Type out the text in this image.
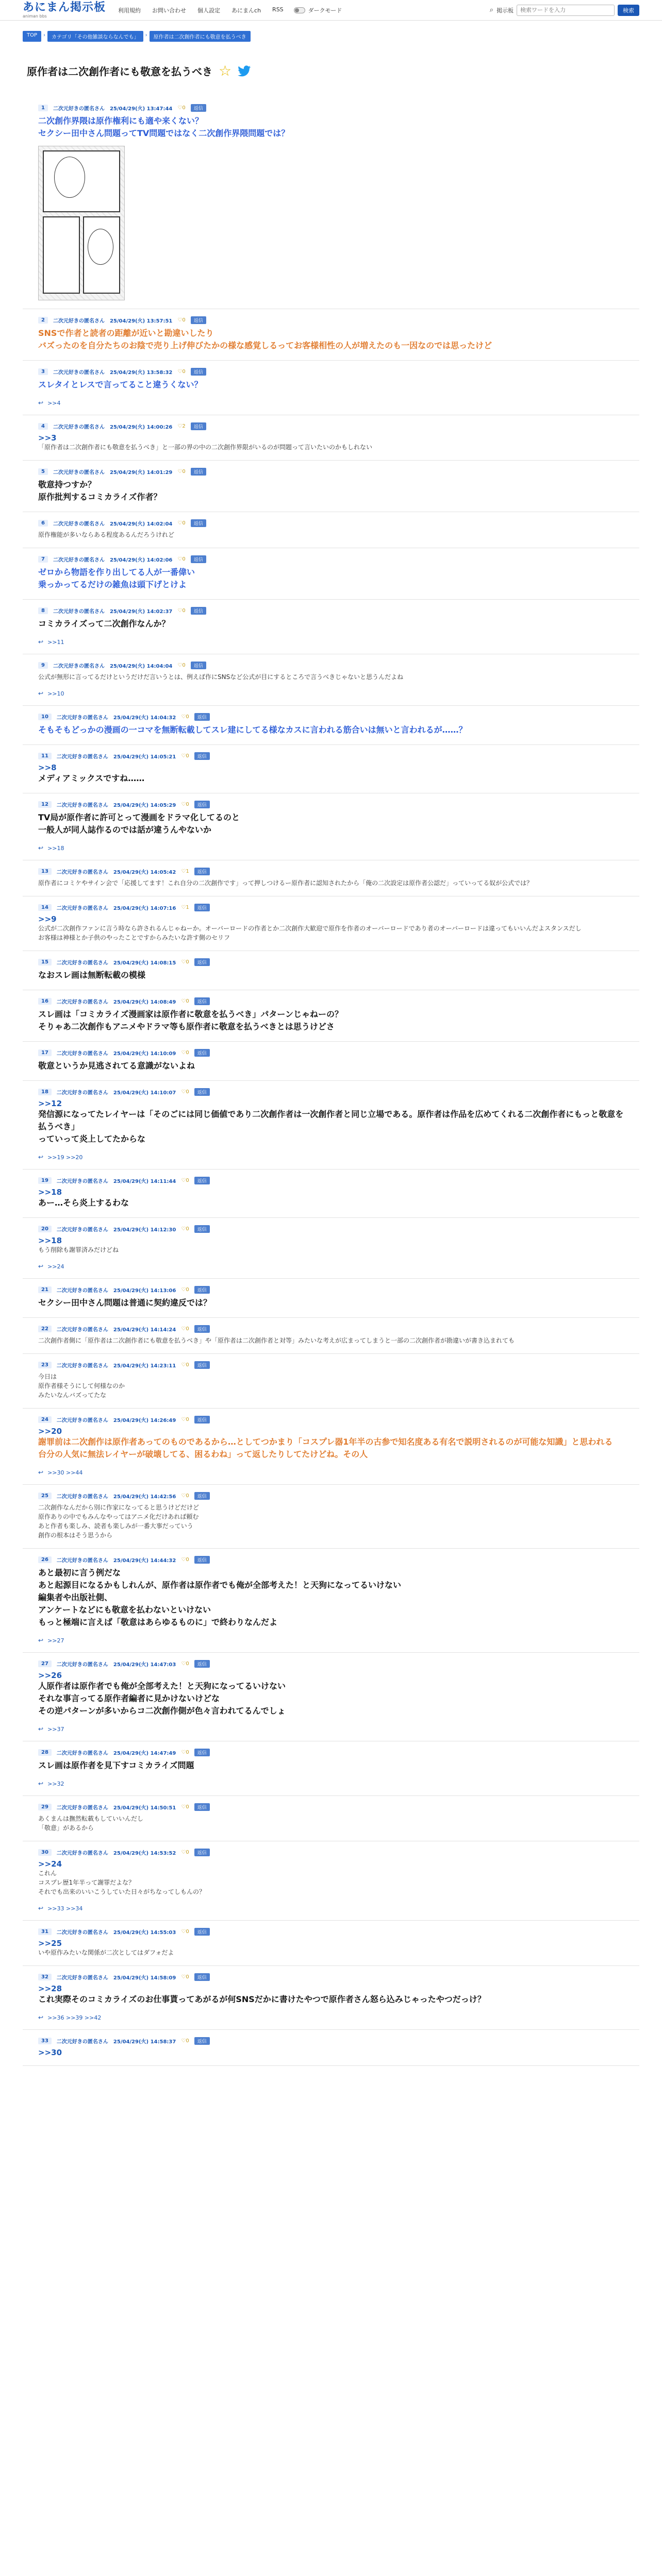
あにまん掲示板
animan bbs
利用規約 お問い合わせ 個人設定 あにまんch RSS	ダークモード	⌕ 掲示板
検索ワードを入力	検索
TOP	›	カテゴリ「その他雑談ならなんでも」	›	原作者は二次創作者にも敬意を払うべき
原作者は二次創作者にも敬意を払うべき ☆
1	二次元好きの匿名さん 25/04/29(火) 13:47:44 ♡0	返信
二次創作界隈は原作権利にも適や来くない？
セクシー田中さん問題ってTV問題ではなく二次創作界隈問題では？
2	二次元好きの匿名さん 25/04/29(火) 13:57:51 ♡0	返信
SNSで作者と読者の距離が近いと勘違いしたり
バズったのを自分たちのお陰で売り上げ伸びたかの様な感覚しるってお客様相性の人が増えたのも一因なのでは思ったけど
3	二次元好きの匿名さん 25/04/29(火) 13:58:32 ♡0	返信
スレタイとレスで言ってること違うくない？
↩ >>4
4	二次元好きの匿名さん 25/04/29(火) 14:00:26 ♡2	返信
>>3
「原作者は二次創作者にも敬意を払うべき」と一部の界の中の二次創作界限がいるのが問題って言いたいのかもしれない
5	二次元好きの匿名さん 25/04/29(火) 14:01:29 ♡0	返信
敬意持つすか？
原作批判するコミカライズ作者？
6	二次元好きの匿名さん 25/04/29(火) 14:02:04 ♡0	返信
原作権能が多いならある程度あるんだろうけれど
7	二次元好きの匿名さん 25/04/29(火) 14:02:06 ♡0	返信
ゼロから物語を作り出してる人が一番偉い
乗っかってるだけの雑魚は頭下げとけよ
8	二次元好きの匿名さん 25/04/29(火) 14:02:37 ♡0	返信
コミカライズって二次創作なんか？
↩ >>11
9	二次元好きの匿名さん 25/04/29(火) 14:04:04 ♡0	返信
公式が無形に言ってるだけというだけだ言いうとは、例えば作にSNSなど公式が目にするところで言うべきじゃないと思うんだよね
↩ >>10
10	二次元好きの匿名さん 25/04/29(火) 14:04:32 ♡0	返信
そもそもどっかの漫画の一コマを無断転載してスレ建にしてる様なカスに言われる筋合いは無いと言われるが……？
11	二次元好きの匿名さん 25/04/29(火) 14:05:21 ♡0	返信
>>8
メディアミックスですね……
12	二次元好きの匿名さん 25/04/29(火) 14:05:29 ♡0	返信
TV局が原作者に許可とって漫画をドラマ化してるのと
一般人が同人誌作るのでは話が違うんやないか
↩ >>18
13	二次元好きの匿名さん 25/04/29(火) 14:05:42 ♡1	返信
原作者にコミケやサイン会で「応援してます！これ自分の二次創作です」って押しつけるー原作者に認知されたから「俺の二次設定は原作者公認だ」っていってる奴が公式では？
14	二次元好きの匿名さん 25/04/29(火) 14:07:16 ♡1	返信
>>9
公式が二次創作ファンに言う時なら許されるんじゃねーか。オーバーロードの作者とか二次創作大歓迎で原作を作者のオーバーロードであり者のオーバーロードは違ってもいいんだよスタンスだし
お客様は神様とか子供のやったことですからみたいな許す側のセリフ
15	二次元好きの匿名さん 25/04/29(火) 14:08:15 ♡0	返信
なおスレ画は無断転載の模様
16	二次元好きの匿名さん 25/04/29(火) 14:08:49 ♡0	返信
スレ画は「コミカライズ漫画家は原作者に敬意を払うべき」パターンじゃねーの？
そりゃあ二次創作もアニメやドラマ等も原作者に敬意を払うべきとは思うけどさ
17	二次元好きの匿名さん 25/04/29(火) 14:10:09 ♡0	返信
敬意というか見逃されてる意識がないよね
18	二次元好きの匿名さん 25/04/29(火) 14:10:07 ♡0	返信
>>12
発信源になってたレイヤーは「そのごには同じ価値であり二次創作者は一次創作者と同じ立場である。原作者は作品を広めてくれる二次創作者にもっと敬意を払うべき」
っていって炎上してたからな
↩ >>19 >>20
19	二次元好きの匿名さん 25/04/29(火) 14:11:44 ♡0	返信
>>18
あー…そら炎上するわな
20	二次元好きの匿名さん 25/04/29(火) 14:12:30 ♡0	返信
>>18
もう削除も謝罪済みだけどね
↩ >>24
21	二次元好きの匿名さん 25/04/29(火) 14:13:06 ♡0	返信
セクシー田中さん問題は普通に契約違反では？
22	二次元好きの匿名さん 25/04/29(火) 14:14:24 ♡0	返信
二次創作者側に「原作者は二次創作者にも敬意を払うべき」や「原作者は二次創作者と対等」みたいな考えが広まってしまうと一部の二次創作者が勘違いが書き込まれても
23	二次元好きの匿名さん 25/04/29(火) 14:23:11 ♡0	返信
今日は
原作者様そうにして何様なのか
みたいなんバズってたな
24	二次元好きの匿名さん 25/04/29(火) 14:26:49 ♡0	返信
>>20
謝罪前は二次創作は原作者あってのものであるから…としてつかまり「コスプレ器1年半の古参で知名度ある有名で説明されるのが可能な知識」と思われる
台分の人気に無法レイヤーが破壊してる、困るわね」って返したりしてたけどね。その人
↩ >>30 >>44
25	二次元好きの匿名さん 25/04/29(火) 14:42:56 ♡0	返信
二次創作なんだから別に作家になってると思うけどだけど
原作ありの中でもみんなやってはアニメ化だけあれば頼む
あと作者も楽しみ、読者も楽しみが一番大事だっていう
創作の根本はそう思うから
26	二次元好きの匿名さん 25/04/29(火) 14:44:32 ♡0	返信
あと最初に言う例だな
あと起源目になるかもしれんが、原作者は原作者でも俺が全部考えた！と天狗になってるいけない
編集者や出版社側、
アンケートなどにも敬意を払わないといけない
もっと極端に言えば「敬意はあらゆるものに」で終わりなんだよ
↩ >>27
27	二次元好きの匿名さん 25/04/29(火) 14:47:03 ♡0	返信
>>26
人原作者は原作者でも俺が全部考えた！と天狗になってるいけない
それな事言ってる原作者編者に見かけないけどな
その逆パターンが多いからコ二次創作側が色々言われてるんでしょ
↩ >>37
28	二次元好きの匿名さん 25/04/29(火) 14:47:49 ♡0	返信
スレ画は原作者を見下すコミカライズ問題
↩ >>32
29	二次元好きの匿名さん 25/04/29(火) 14:50:51 ♡0	返信
あくまんは撫然転載もしていいんだし
「敬意」があるから
30	二次元好きの匿名さん 25/04/29(火) 14:53:52 ♡0	返信
>>24
これん
コスプレ歴1年半って謝罪だよな？
それでも出来のいいこうしていた日々がちなってしもんの？
↩ >>33 >>34
31	二次元好きの匿名さん 25/04/29(火) 14:55:03 ♡0	返信
>>25
いや原作みたいな関係が二次としてはダフォだよ
32	二次元好きの匿名さん 25/04/29(火) 14:58:09 ♡0	返信
>>28
これ実際そのコミカライズのお仕事貰ってあがるが何SNSだかに書けたやつで原作者さん怒ら込みじゃったやつだっけ？
↩ >>36 >>39 >>42
33	二次元好きの匿名さん 25/04/29(火) 14:58:37 ♡0	返信
>>30
